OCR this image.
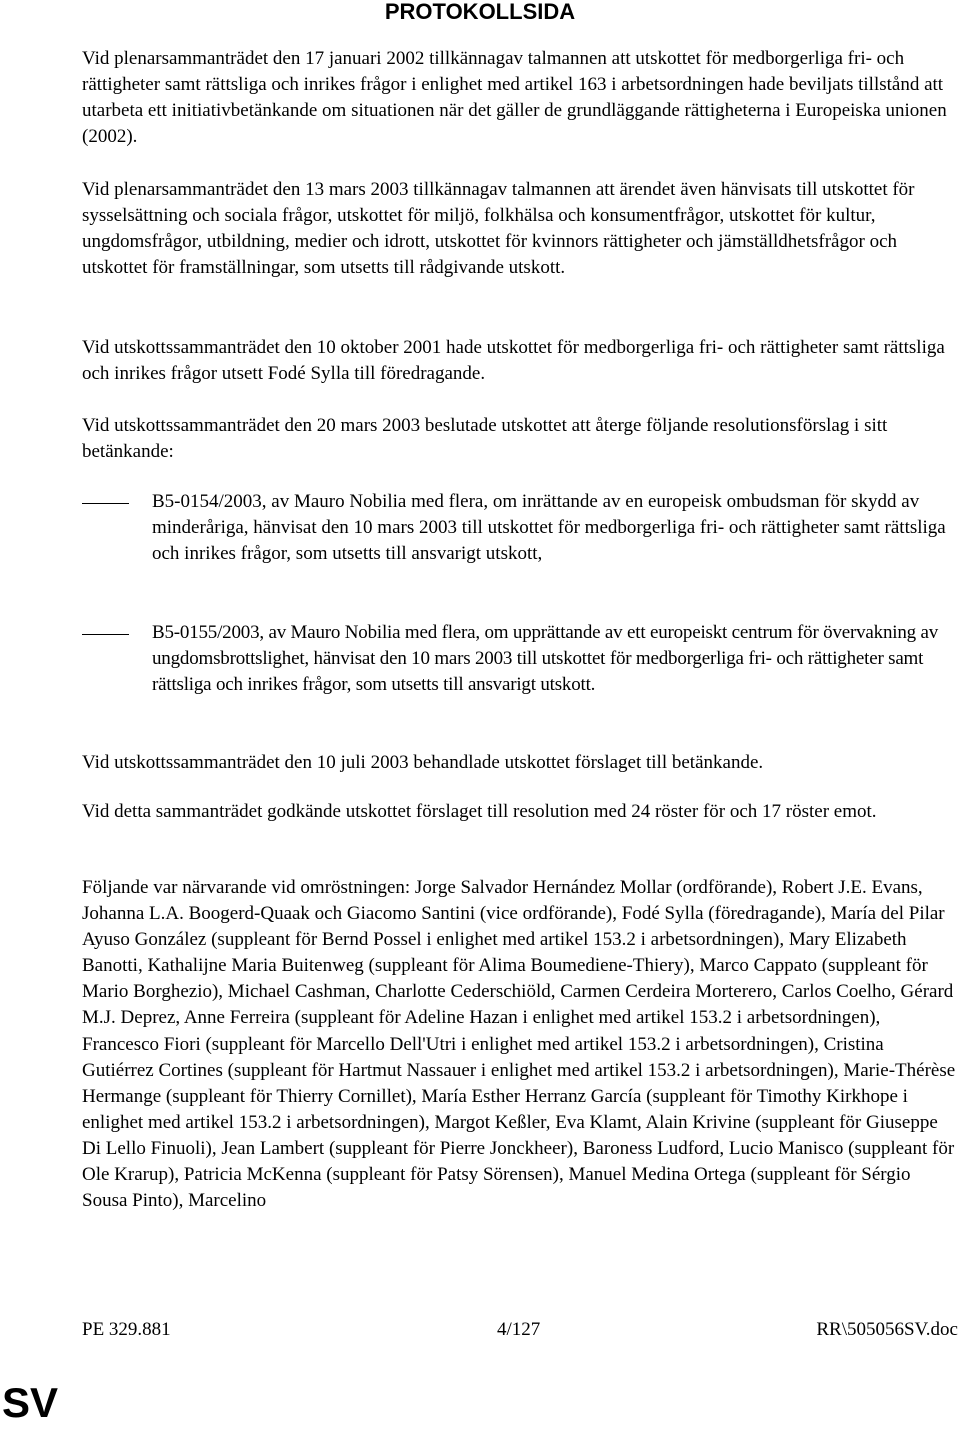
PROTOKOLLSIDA

Vid plenarsammanträdet den 17 januari 2002 tillkännagav talmannen att utskottet för medborgerliga fri- och rättigheter samt rättsliga och inrikes frågor i enlighet med artikel 163 i arbetsordningen hade beviljats tillstånd att utarbeta ett initiativbetänkande om situationen när det gäller de grundläggande rättigheterna i Europeiska unionen (2002).

Vid plenarsammanträdet den 13 mars 2003 tillkännagav talmannen att ärendet även hänvisats till utskottet för sysselsättning och sociala frågor, utskottet för miljö, folkhälsa och konsumentfrågor, utskottet för kultur, ungdomsfrågor, utbildning, medier och idrott, utskottet för kvinnors rättigheter och jämställdhetsfrågor och utskottet för framställningar, som utsetts till rådgivande utskott.

Vid utskottssammanträdet den 10 oktober 2001 hade utskottet för medborgerliga fri- och rättigheter samt rättsliga och inrikes frågor utsett Fodé Sylla till föredragande.

Vid utskottssammanträdet den 20 mars 2003 beslutade utskottet att återge följande resolutionsförslag i sitt betänkande:

B5-0154/2003, av Mauro Nobilia med flera, om inrättande av en europeisk ombudsman för skydd av minderåriga, hänvisat den 10 mars 2003 till utskottet för medborgerliga fri- och rättigheter samt rättsliga och inrikes frågor, som utsetts till ansvarigt utskott,

B5-0155/2003, av Mauro Nobilia med flera, om upprättande av ett europeiskt centrum för övervakning av ungdomsbrottslighet, hänvisat den 10 mars 2003 till utskottet för medborgerliga fri- och rättigheter samt rättsliga och inrikes frågor, som utsetts till ansvarigt utskott.

Vid utskottssammanträdet den 10 juli 2003 behandlade utskottet förslaget till betänkande.

Vid detta sammanträdet godkände utskottet förslaget till resolution med 24 röster för och 17 röster emot.

Följande var närvarande vid omröstningen: Jorge Salvador Hernández Mollar (ordförande), Robert J.E. Evans, Johanna L.A. Boogerd-Quaak och Giacomo Santini (vice ordförande), Fodé Sylla (föredragande), María del Pilar Ayuso González (suppleant för Bernd Possel i enlighet med artikel 153.2 i arbetsordningen), Mary Elizabeth Banotti, Kathalijne Maria Buitenweg (suppleant för Alima Boumediene-Thiery), Marco Cappato (suppleant för Mario Borghezio), Michael Cashman, Charlotte Cederschiöld, Carmen Cerdeira Morterero, Carlos Coelho, Gérard M.J. Deprez, Anne Ferreira (suppleant för Adeline Hazan i enlighet med artikel 153.2 i arbetsordningen), Francesco Fiori (suppleant för Marcello Dell'Utri i enlighet med artikel 153.2 i arbetsordningen), Cristina Gutiérrez Cortines (suppleant för Hartmut Nassauer i enlighet med artikel 153.2 i arbetsordningen), Marie-Thérèse Hermange (suppleant för Thierry Cornillet), María Esther Herranz García (suppleant för Timothy Kirkhope i enlighet med artikel 153.2 i arbetsordningen), Margot Keßler, Eva Klamt, Alain Krivine (suppleant för Giuseppe Di Lello Finuoli), Jean Lambert (suppleant för Pierre Jonckheer), Baroness Ludford, Lucio Manisco (suppleant för Ole Krarup), Patricia McKenna (suppleant för Patsy Sörensen), Manuel Medina Ortega (suppleant för Sérgio Sousa Pinto), Marcelino

PE 329.881	4/127	RR\505056SV.doc
SV
